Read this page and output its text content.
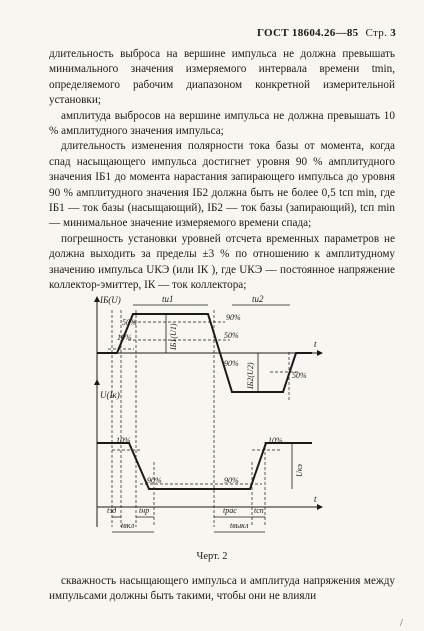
ГОСТ 18604.26—85 Стр. 3

длительность выброса на вершине импульса не должна превышать минимального значения измеряемого интервала времени tmin, определяемого рабочим диапазоном конкретной измерительной установки;

амплитуда выбросов на вершине импульса не должна превышать 10 % амплитудного значения импульса;

длительность изменения полярности тока базы от момента, когда спад насыщающего импульса достигнет уровня 90 % амплитудного значения IБ1 до момента нарастания запирающего импульса до уровня 90 % амплитудного значения IБ2 должна быть не более 0,5 tсп min, где IБ1 — ток базы (насыщающий), IБ2 — ток базы (запирающий), tсп min — минимальное значение измеряемого времени спада;

погрешность установки уровней отсчета временных параметров не должна выходить за пределы ±3 % по отношению к амплитудному значению импульса UКЭ (или IК ), где UКЭ — постоянное напряжение коллектор-эмиттер, IК — ток коллектора;

IБ(U)
U(Iк)
t
t
tи1	tи2
IБ1(U1)
IБ2(U2)
90%
50%
50%
10%
90%
50%
10%	10%
90%	90%
Uкэ
tзд	tнр
tвкл
tрас tсп
tвыкл
Черт. 2

скважность насыщающего импульса и амплитуда напряжения между импульсами должны быть такими, чтобы они не влияли

/
